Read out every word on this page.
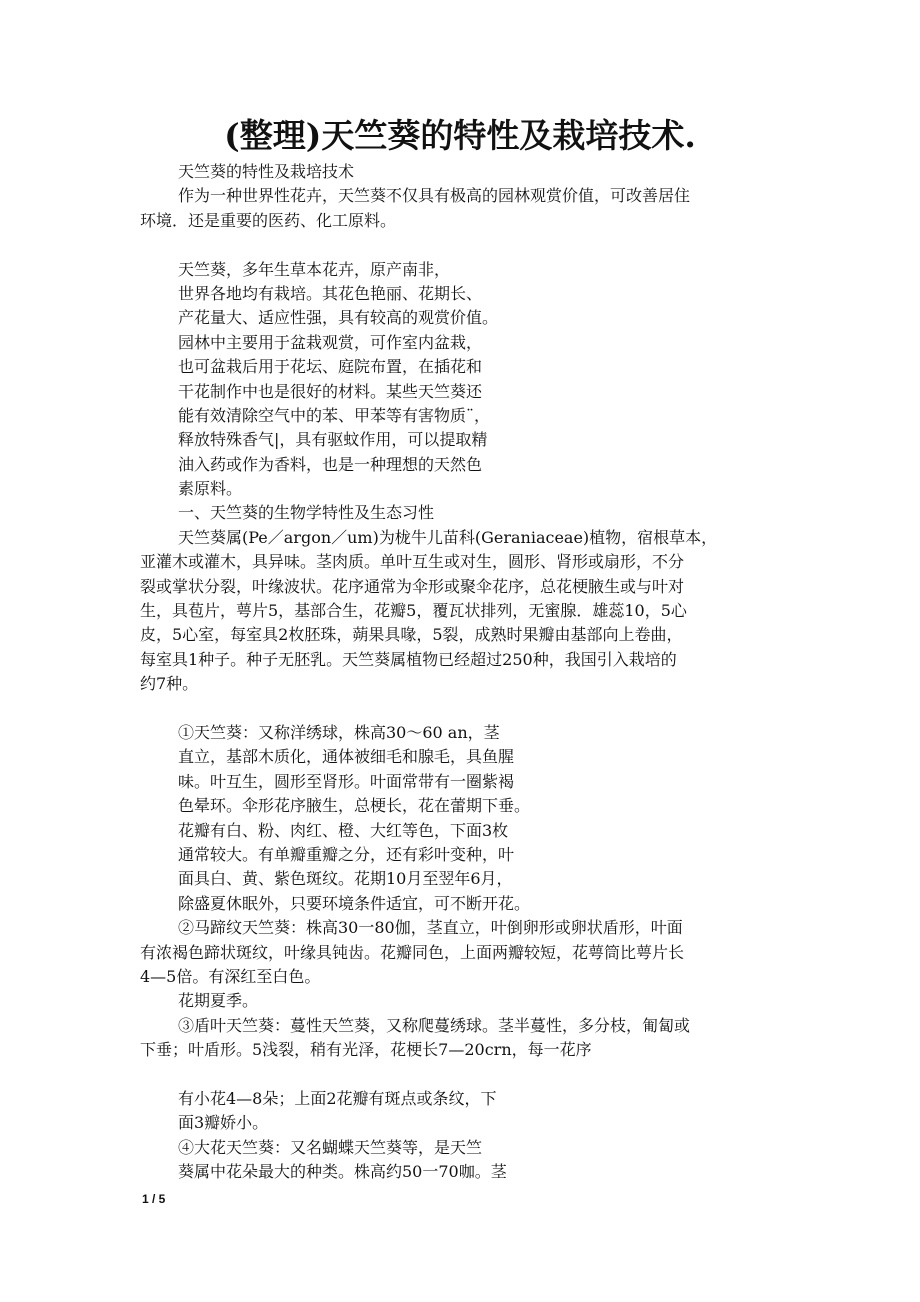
(整理)天竺葵的特性及栽培技术.
天竺葵的特性及栽培技术
作为一种世界性花卉，天竺葵不仅具有极高的园林观赏价值，可改善居住
环境．还是重要的医药、化工原料。
天竺葵，多年生草本花卉，原产南非，
世界各地均有栽培。其花色艳丽、花期长、
产花量大、适应性强，具有较高的观赏价值。
园林中主要用于盆栽观赏，可作室内盆栽，
也可盆栽后用于花坛、庭院布置，在插花和
干花制作中也是很好的材料。某些天竺葵还
能有效清除空气中的苯、甲苯等有害物质¨，
释放特殊香气|，具有驱蚊作用，可以提取精
油入药或作为香料，也是一种理想的天然色
素原料。
一、天竺葵的生物学特性及生态习性
天竺葵属(Pe／argon／um)为栊牛儿苗科(Geraniaceae)植物，宿根草本，
亚灌木或灌木，具异味。茎肉质。单叶互生或对生，圆形、肾形或扇形，不分
裂或掌状分裂，叶缘波状。花序通常为伞形或聚伞花序，总花梗腋生或与叶对
生，具苞片，萼片5，基部合生，花瓣5，覆瓦状排列，无蜜腺．雄蕊10，5心
皮，5心室，每室具2枚胚珠，蒴果具喙，5裂，成熟时果瓣由基部向上卷曲，
每室具1种子。种子无胚乳。天竺葵属植物已经超过250种，我国引入栽培的
约7种。
①天竺葵：又称洋绣球，株高30～60 an，茎
直立，基部木质化，通体被细毛和腺毛，具鱼腥
味。叶互生，圆形至肾形。叶面常带有一圈紫褐
色晕环。伞形花序腋生，总梗长，花在蕾期下垂。
花瓣有白、粉、肉红、橙、大红等色，下面3枚
通常较大。有单瓣重瓣之分，还有彩叶变种，叶
面具白、黄、紫色斑纹。花期10月至翌年6月，
除盛夏休眠外，只要环境条件适宜，可不断开花。
②马蹄纹天竺葵：株高30一80伽，茎直立，叶倒卵形或卵状盾形，叶面
有浓褐色蹄状斑纹，叶缘具钝齿。花瓣同色，上面两瓣较短，花萼筒比萼片长
4—5倍。有深红至白色。
花期夏季。
③盾叶天竺葵：蔓性天竺葵，又称爬蔓绣球。茎半蔓性，多分枝，匍匐或
下垂；叶盾形。5浅裂，稍有光泽，花梗长7—20crn，每一花序
有小花4—8朵；上面2花瓣有斑点或条纹，下
面3瓣娇小。
④大花天竺葵：又名蝴蝶天竺葵等，是天竺
葵属中花朵最大的种类。株高约50一70咖。茎
1 / 5
